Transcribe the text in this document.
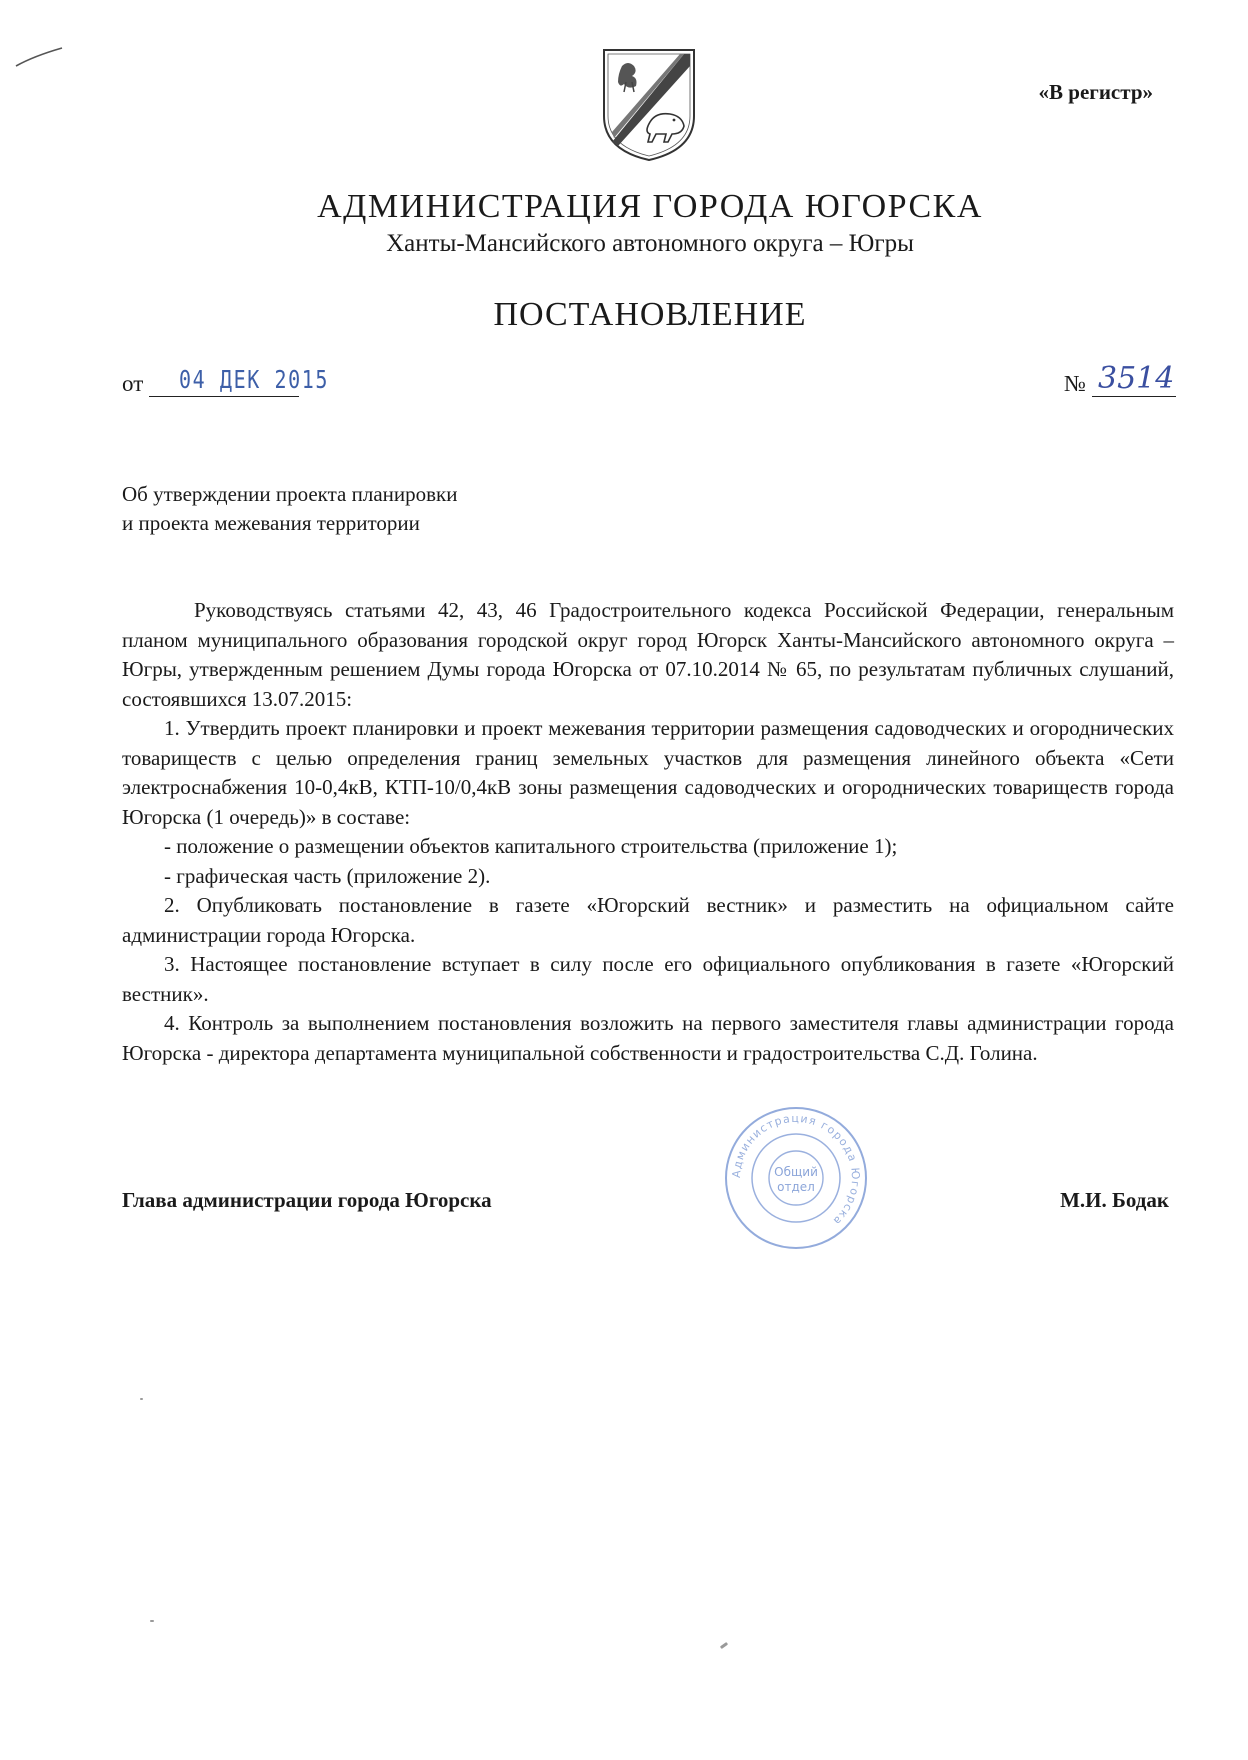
«В регистр»
АДМИНИСТРАЦИЯ ГОРОДА ЮГОРСКА
Ханты-Мансийского автономного округа – Югры
ПОСТАНОВЛЕНИЕ
от 04 ДЕК 2015	№ 3514
Об утверждении проекта планировки
и проекта межевания территории

Руководствуясь статьями 42, 43, 46 Градостроительного кодекса Российской Федерации, генеральным планом муниципального образования городской округ город Югорск Ханты-Мансийского автономного округа – Югры, утвержденным решением Думы города Югорска от 07.10.2014 № 65, по результатам публичных слушаний, состоявшихся 13.07.2015:

1. Утвердить проект планировки и проект межевания территории размещения садоводческих и огороднических товариществ с целью определения границ земельных участков для размещения линейного объекта «Сети электроснабжения 10-0,4кВ, КТП-10/0,4кВ зоны размещения садоводческих и огороднических товариществ города Югорска (1 очередь)» в составе:

- положение о размещении объектов капитального строительства (приложение 1);

- графическая часть (приложение 2).

2. Опубликовать постановление в газете «Югорский вестник» и разместить на официальном сайте администрации города Югорска.

3. Настоящее постановление вступает в силу после его официального опубликования в газете «Югорский вестник».

4. Контроль за выполнением постановления возложить на первого заместителя главы администрации города Югорска - директора департамента муниципальной собственности и градостроительства С.Д. Голина.

Администрация города Югорска
Общий
отдел
Глава администрации города Югорска	М.И. Бодак
